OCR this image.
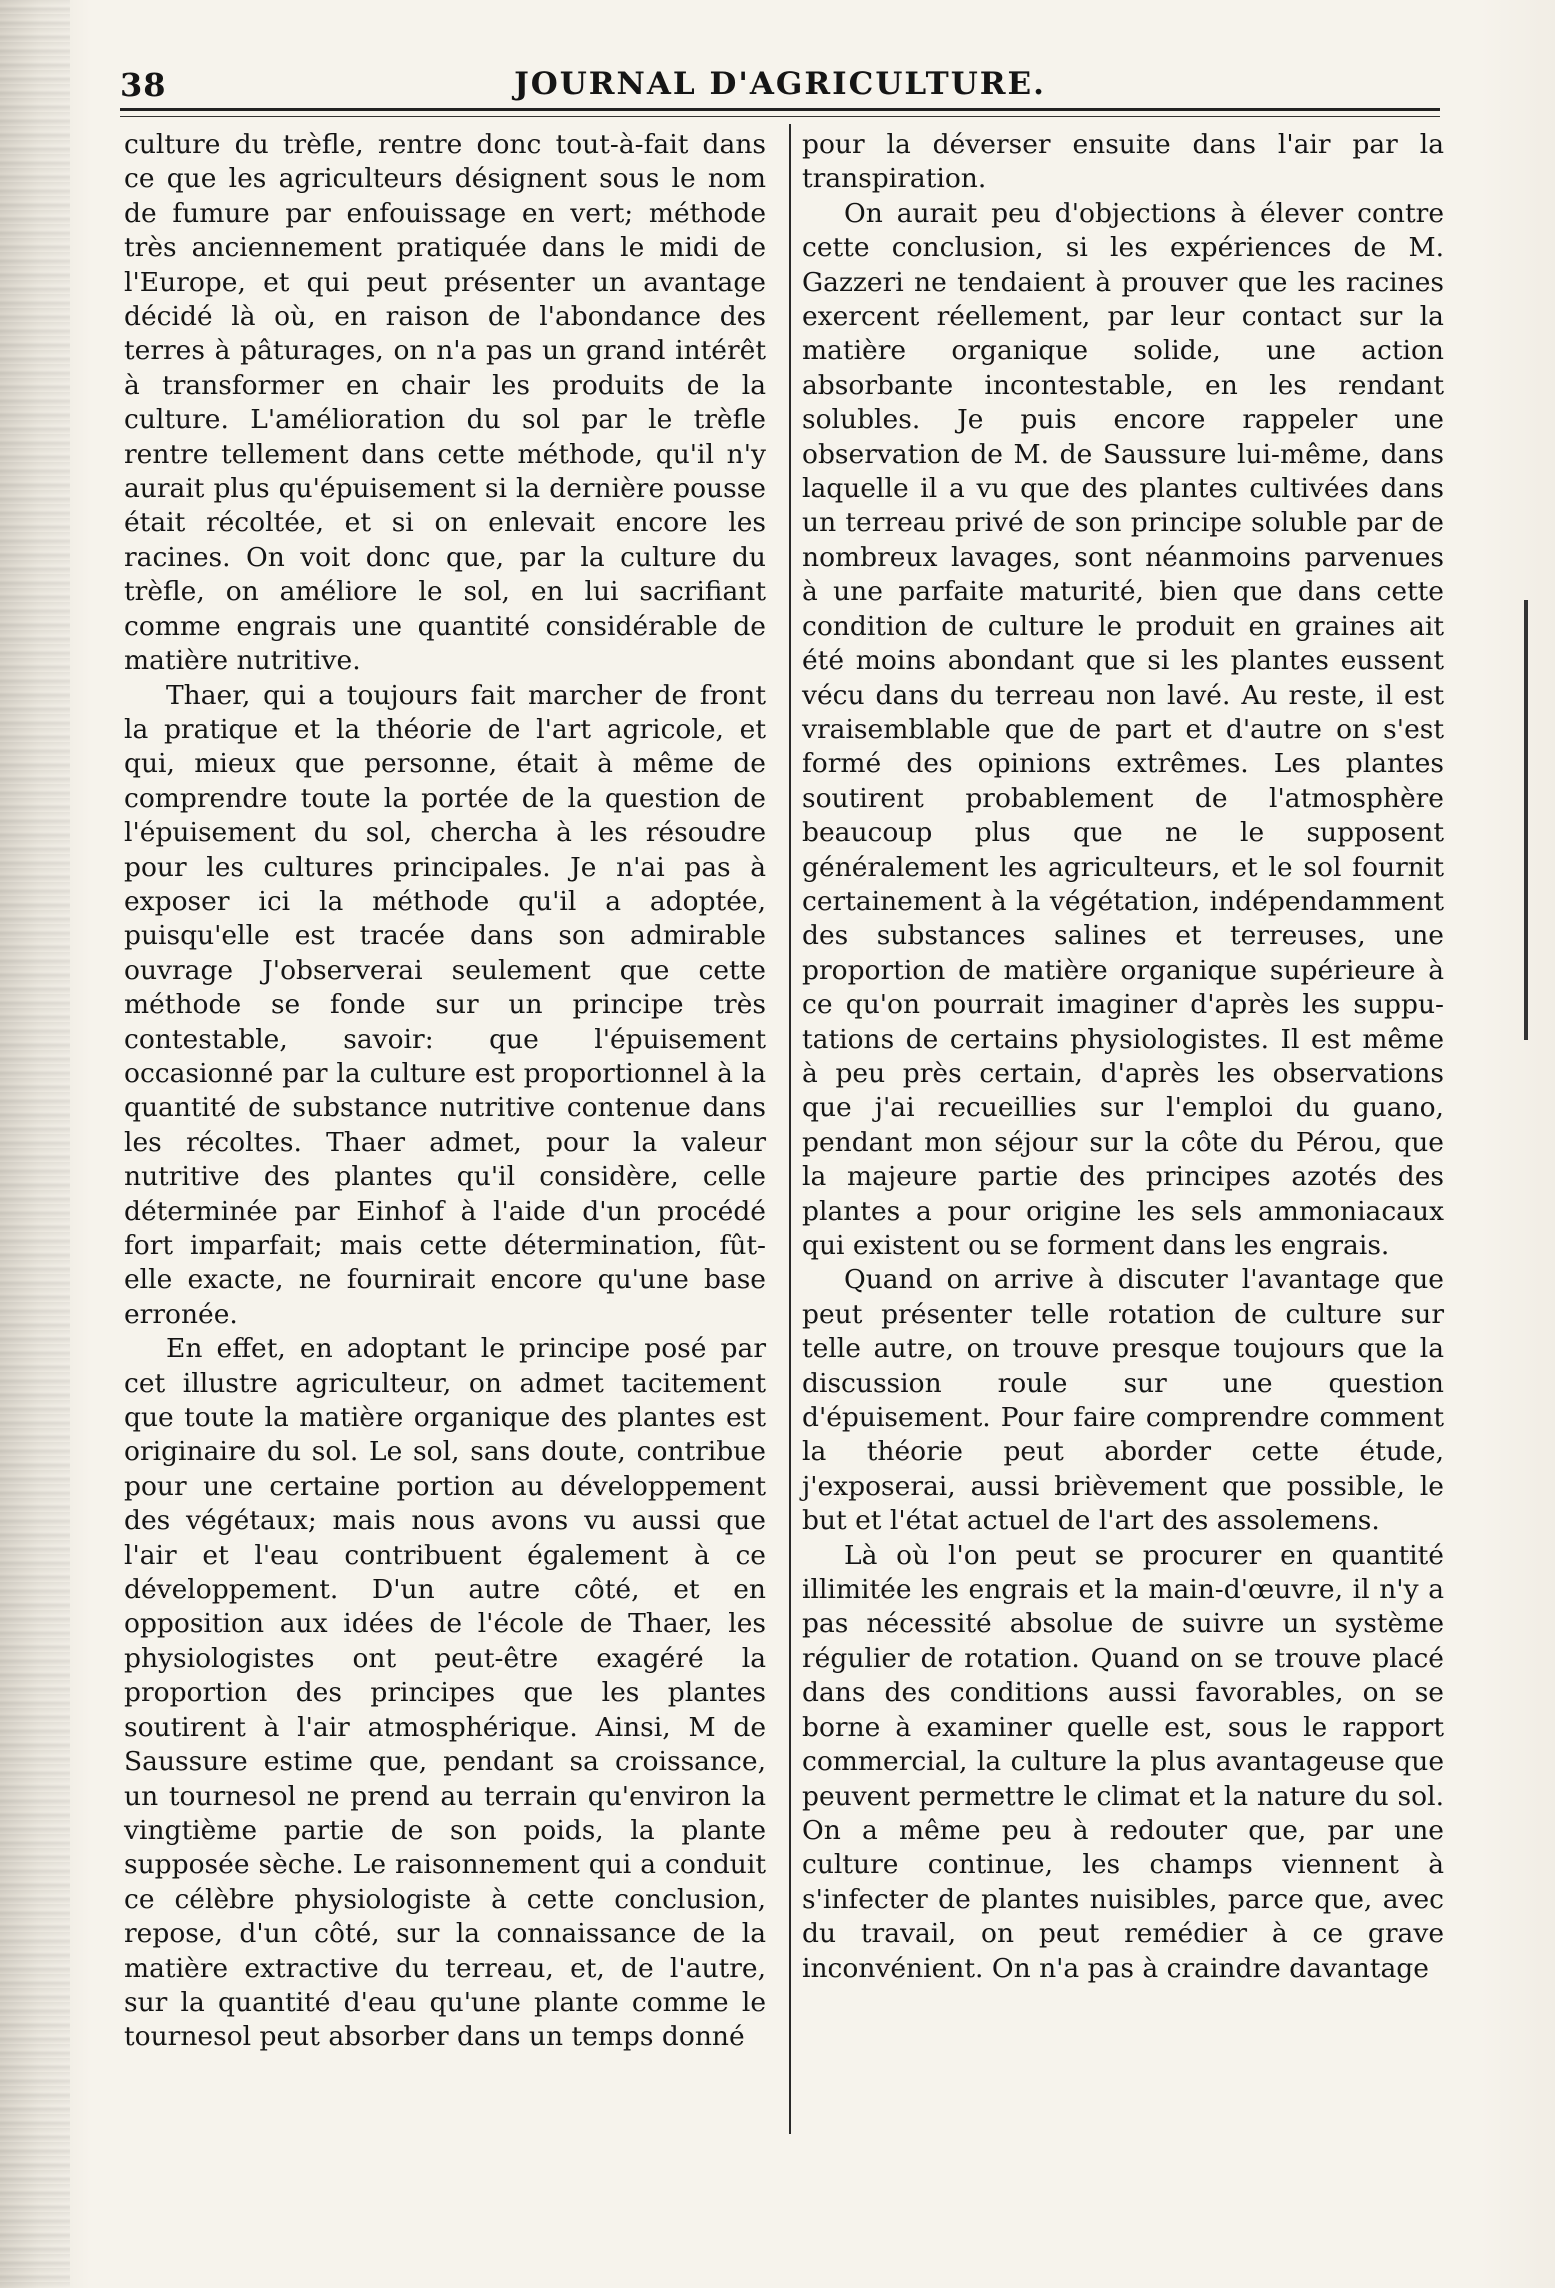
38	JOURNAL D'AGRICULTURE.

culture du trèfle, rentre donc tout-à-fait dans ce que les agriculteurs désignent sous le nom de fumure par enfouissage en vert; méthode très anciennement pratiquée dans le midi de l'Europe, et qui peut présenter un avantage décidé là où, en raison de l'abondance des terres à pâturages, on n'a pas un grand intérêt à transformer en chair les produits de la culture. L'amélioration du sol par le trèfle rentre tellement dans cette méthode, qu'il n'y aurait plus qu'épuisement si la dernière pousse était récoltée, et si on enlevait encore les racines. On voit donc que, par la culture du trèfle, on améliore le sol, en lui sacrifiant comme engrais une quantité considérable de matière nutritive.

Thaer, qui a toujours fait marcher de front la pratique et la théorie de l'art agricole, et qui, mieux que personne, était à même de comprendre toute la portée de la question de l'épuisement du sol, chercha à les résoudre pour les cultures principales. Je n'ai pas à exposer ici la méthode qu'il a adoptée, puisqu'elle est tracée dans son admirable ouvrage J'observerai seulement que cette méthode se fonde sur un principe très contestable, savoir: que l'épuisement occasionné par la culture est proportionnel à la quantité de substance nutritive contenue dans les récoltes. Thaer admet, pour la valeur nutritive des plantes qu'il considère, celle déterminée par Einhof à l'aide d'un procédé fort imparfait; mais cette détermination, fût-elle exacte, ne fournirait encore qu'une base erronée.

En effet, en adoptant le principe posé par cet illustre agriculteur, on admet tacitement que toute la matière organique des plantes est originaire du sol. Le sol, sans doute, contribue pour une certaine portion au développement des végétaux; mais nous avons vu aussi que l'air et l'eau contribuent également à ce développement. D'un autre côté, et en opposition aux idées de l'école de Thaer, les physiologistes ont peut-être exagéré la proportion des principes que les plantes soutirent à l'air atmosphérique. Ainsi, M de Saussure estime que, pendant sa croissance, un tournesol ne prend au terrain qu'environ la vingtième partie de son poids, la plante supposée sèche. Le raisonnement qui a conduit ce célèbre physiologiste à cette conclusion, repose, d'un côté, sur la connaissance de la matière extractive du terreau, et, de l'autre, sur la quantité d'eau qu'une plante comme le tournesol peut absorber dans un temps donné

pour la déverser ensuite dans l'air par la transpiration.

On aurait peu d'objections à élever contre cette conclusion, si les expériences de M. Gazzeri ne tendaient à prouver que les racines exercent réellement, par leur contact sur la matière organique solide, une action absorbante incontestable, en les rendant solubles. Je puis encore rappeler une observation de M. de Saussure lui-même, dans laquelle il a vu que des plantes cultivées dans un terreau privé de son principe soluble par de nombreux lavages, sont néanmoins parvenues à une parfaite maturité, bien que dans cette condition de culture le produit en graines ait été moins abondant que si les plantes eussent vécu dans du terreau non lavé. Au reste, il est vraisemblable que de part et d'autre on s'est formé des opinions extrêmes. Les plantes soutirent probablement de l'atmosphère beaucoup plus que ne le supposent généralement les agriculteurs, et le sol fournit certainement à la végétation, indépendamment des substances salines et terreuses, une proportion de matière organique supérieure à ce qu'on pourrait imaginer d'après les suppu-tations de certains physiologistes. Il est même à peu près certain, d'après les observations que j'ai recueillies sur l'emploi du guano, pendant mon séjour sur la côte du Pérou, que la majeure partie des principes azotés des plantes a pour origine les sels ammoniacaux qui existent ou se forment dans les engrais.

Quand on arrive à discuter l'avantage que peut présenter telle rotation de culture sur telle autre, on trouve presque toujours que la discussion roule sur une question d'épuisement. Pour faire comprendre comment la théorie peut aborder cette étude, j'exposerai, aussi brièvement que possible, le but et l'état actuel de l'art des assolemens.

Là où l'on peut se procurer en quantité illimitée les engrais et la main-d'œuvre, il n'y a pas nécessité absolue de suivre un système régulier de rotation. Quand on se trouve placé dans des conditions aussi favorables, on se borne à examiner quelle est, sous le rapport commercial, la culture la plus avantageuse que peuvent permettre le climat et la nature du sol. On a même peu à redouter que, par une culture continue, les champs viennent à s'infecter de plantes nuisibles, parce que, avec du travail, on peut remédier à ce grave inconvénient. On n'a pas à craindre davantage
